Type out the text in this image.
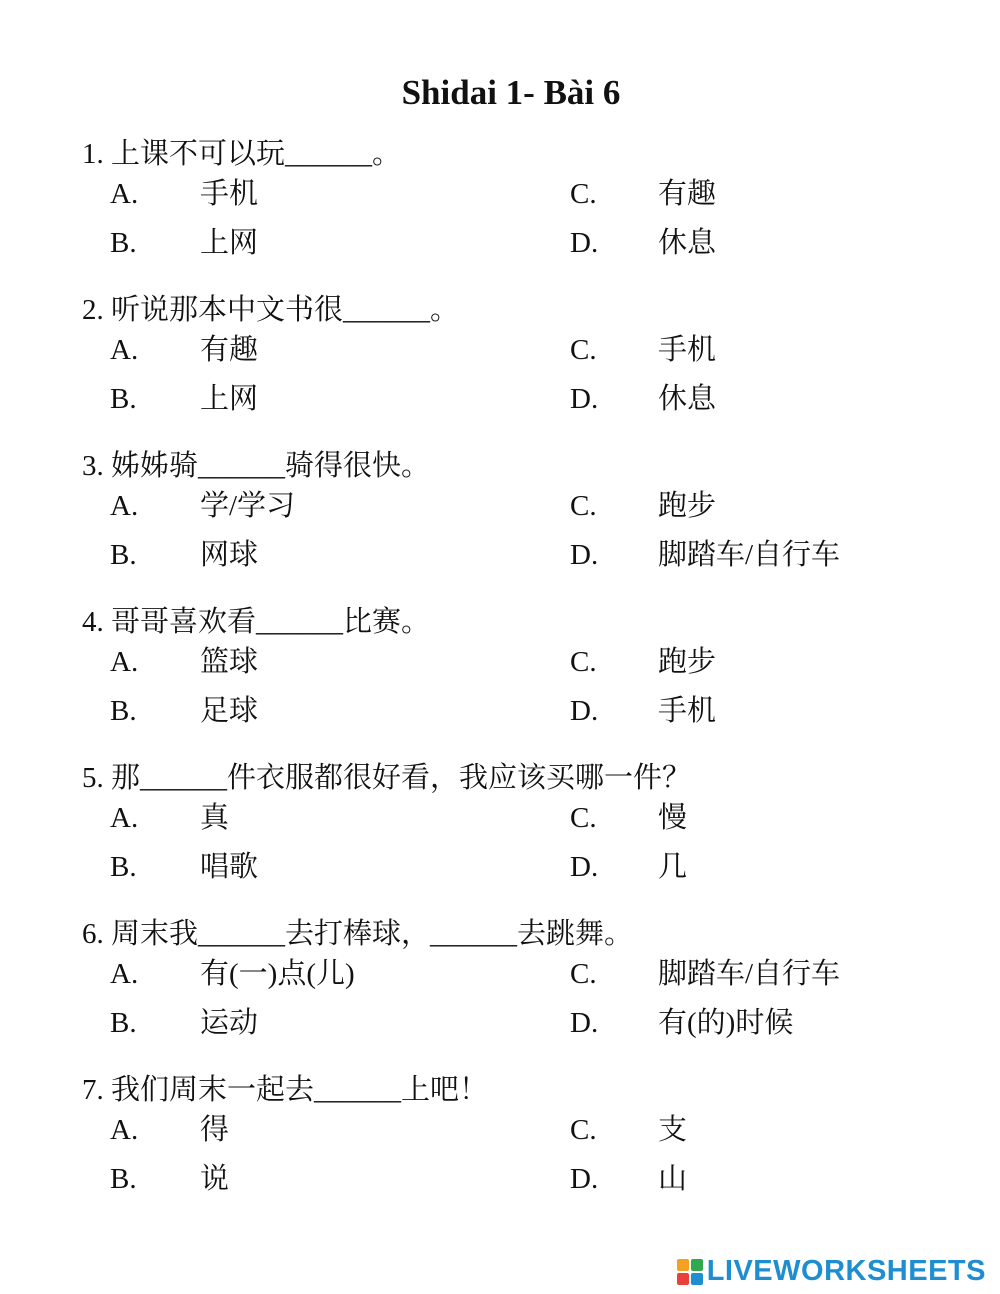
Shidai 1- Bài 6
1. 上课不可以玩______。
A. 手机	C. 有趣
B. 上网	D. 休息
2. 听说那本中文书很______。
A. 有趣	C. 手机
B. 上网	D. 休息
3. 姊姊骑______骑得很快。
A. 学/学习	C. 跑步
B. 网球	D. 脚踏车/自行车
4. 哥哥喜欢看______比赛。
A. 篮球	C. 跑步
B. 足球	D. 手机
5. 那______件衣服都很好看，我应该买哪一件？
A. 真	C. 慢
B. 唱歌	D. 几
6. 周末我______去打棒球，______去跳舞。
A. 有(一)点(儿)	C. 脚踏车/自行车
B. 运动	D. 有(的)时候
7. 我们周末一起去______上吧！
A. 得	C. 支
B. 说	D. 山
LIVEWORKSHEETS
